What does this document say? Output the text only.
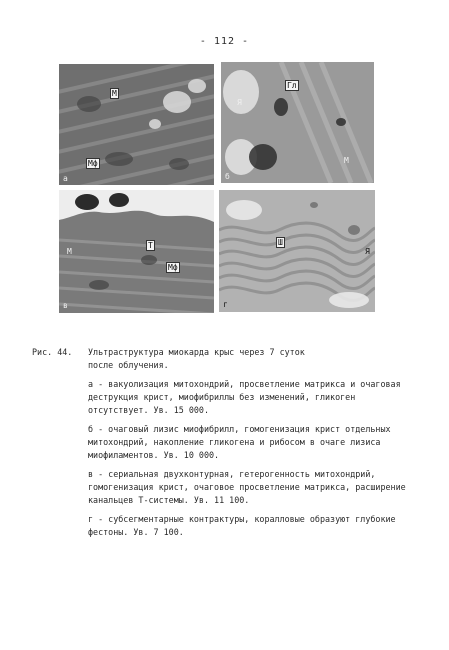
- 112 -
М
Мф
а
Я
Гл
М
б
М
Т
Мф
в
Ш
Я
г
Рис. 44. Ультраструктура миокарда крыс через 7 суток
после облучения.

а - вакуолизация митохондрий, просветление матрикса и очаговая деструкция крист, миофибриллы без изменений, гликоген отсутствует. Ув. 15 000.

б - очаговый лизис миофибрилл, гомогенизация крист отдельных митохондрий, накопление гликогена и рибосом в очаге лизиса миофиламентов. Ув. 10 000.

в - сериальная двухконтурная, гетерогенность митохондрий, гомогенизация крист, очаговое просветление матрикса, расширение канальцев Т-системы. Ув. 11 100.

г - субсегментарные контрактуры, коралловые образуют глубокие фестоны. Ув. 7 100.
